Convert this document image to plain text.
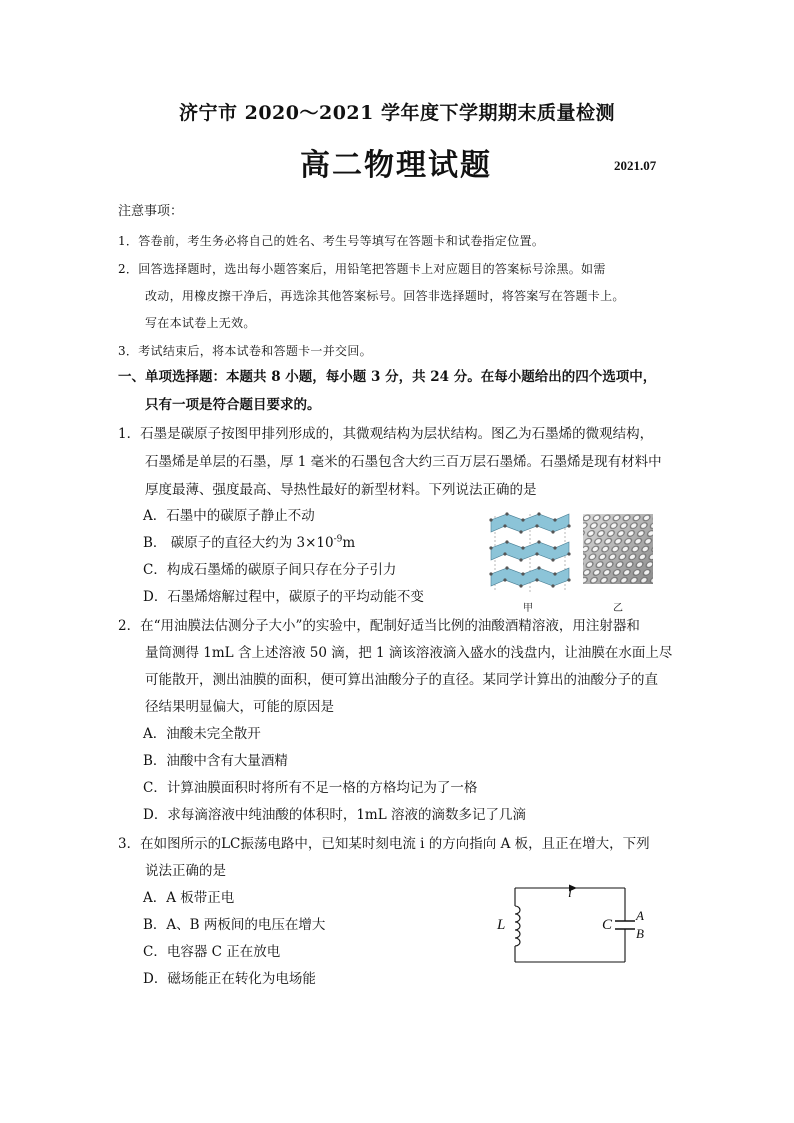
济宁市 2020～2021 学年度下学期期末质量检测
高二物理试题	2021.07
注意事项：
1．答卷前，考生务必将自己的姓名、考生号等填写在答题卡和试卷指定位置。
2．回答选择题时，选出每小题答案后，用铅笔把答题卡上对应题目的答案标号涂黑。如需
改动，用橡皮擦干净后，再选涂其他答案标号。回答非选择题时，将答案写在答题卡上。
写在本试卷上无效。
3．考试结束后，将本试卷和答题卡一并交回。
一、单项选择题：本题共 8 小题，每小题 3 分，共 24 分。在每小题给出的四个选项中，
只有一项是符合题目要求的。
1．石墨是碳原子按图甲排列形成的，其微观结构为层状结构。图乙为石墨烯的微观结构，
石墨烯是单层的石墨，厚 1 毫米的石墨包含大约三百万层石墨烯。石墨烯是现有材料中
厚度最薄、强度最高、导热性最好的新型材料。下列说法正确的是
A．石墨中的碳原子静止不动
B． 碳原子的直径大约为 $3\times 10^{-9}m$
C．构成石墨烯的碳原子间只存在分子引力
D．石墨烯熔解过程中，碳原子的平均动能不变
甲	乙
2．在“用油膜法估测分子大小”的实验中，配制好适当比例的油酸酒精溶液，用注射器和
量筒测得 1mL 含上述溶液 50 滴，把 1 滴该溶液滴入盛水的浅盘内，让油膜在水面上尽
可能散开，测出油膜的面积，便可算出油酸分子的直径。某同学计算出的油酸分子的直
径结果明显偏大，可能的原因是
A．油酸未完全散开
B．油酸中含有大量酒精
C．计算油膜面积时将所有不足一格的方格均记为了一格
D．求每滴溶液中纯油酸的体积时，1mL 溶液的滴数多记了几滴
3．在如图所示的LC振荡电路中，已知某时刻电流 i 的方向指向 A 板，且正在增大，下列
说法正确的是
A．A 板带正电
B．A、B 两板间的电压在增大
C．电容器 C 正在放电
D．磁场能正在转化为电场能
L	C
A
B
i
